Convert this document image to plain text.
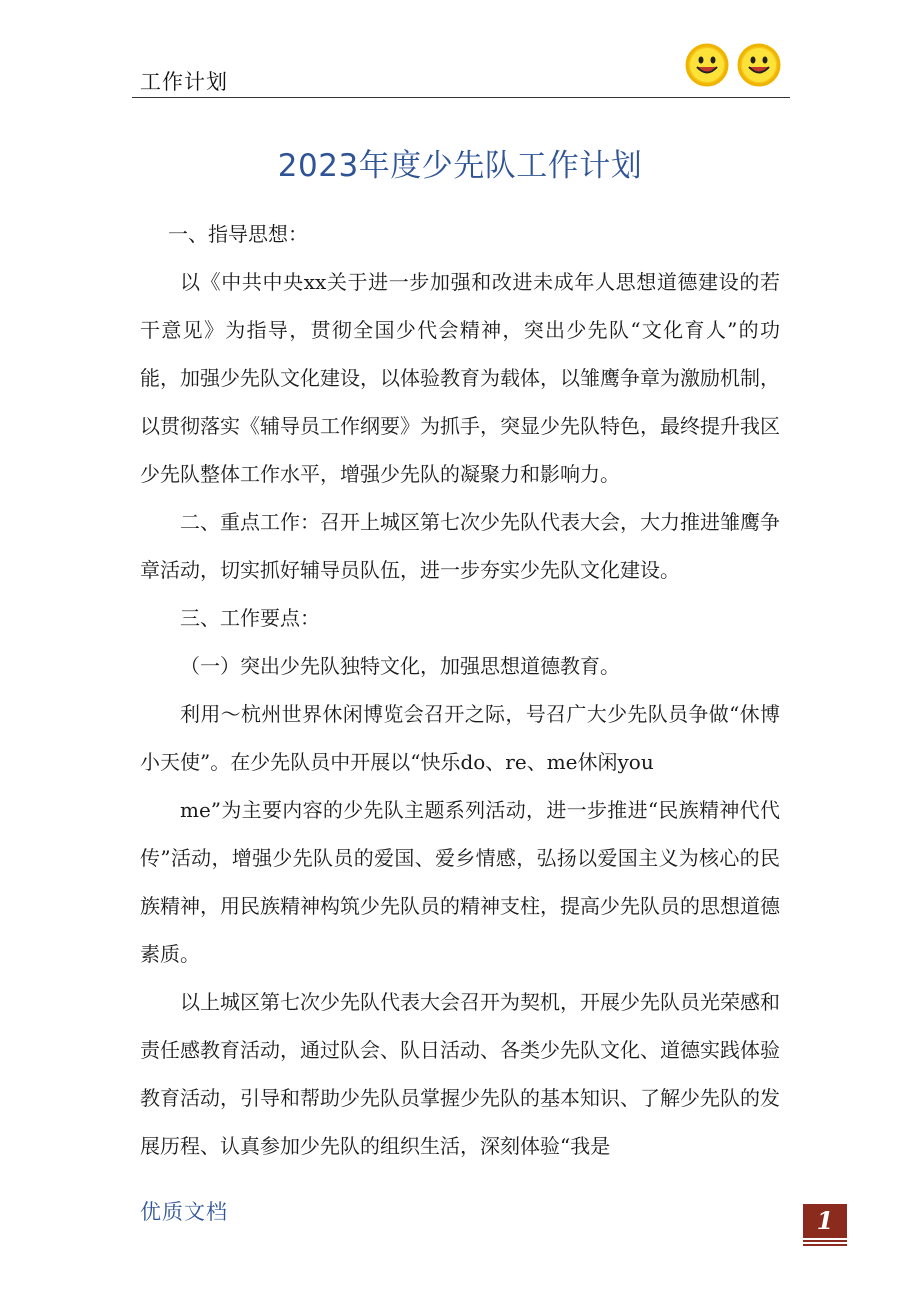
工作计划
2023年度少先队工作计划

一、指导思想：

以《中共中央xx关于进一步加强和改进未成年人思想道德建设的若干意见》为指导，贯彻全国少代会精神，突出少先队“文化育人”的功能，加强少先队文化建设，以体验教育为载体，以雏鹰争章为激励机制，以贯彻落实《辅导员工作纲要》为抓手，突显少先队特色，最终提升我区少先队整体工作水平，增强少先队的凝聚力和影响力。

二、重点工作：召开上城区第七次少先队代表大会，大力推进雏鹰争章活动，切实抓好辅导员队伍，进一步夯实少先队文化建设。

三、工作要点：

（一）突出少先队独特文化，加强思想道德教育。

利用～杭州世界休闲博览会召开之际，号召广大少先队员争做“休博小天使”。在少先队员中开展以“快乐do、re、me休闲you

me”为主要内容的少先队主题系列活动，进一步推进“民族精神代代传”活动，增强少先队员的爱国、爱乡情感，弘扬以爱国主义为核心的民族精神，用民族精神构筑少先队员的精神支柱，提高少先队员的思想道德素质。

以上城区第七次少先队代表大会召开为契机，开展少先队员光荣感和责任感教育活动，通过队会、队日活动、各类少先队文化、道德实践体验教育活动，引导和帮助少先队员掌握少先队的基本知识、了解少先队的发展历程、认真参加少先队的组织生活，深刻体验“我是

优质文档	1
